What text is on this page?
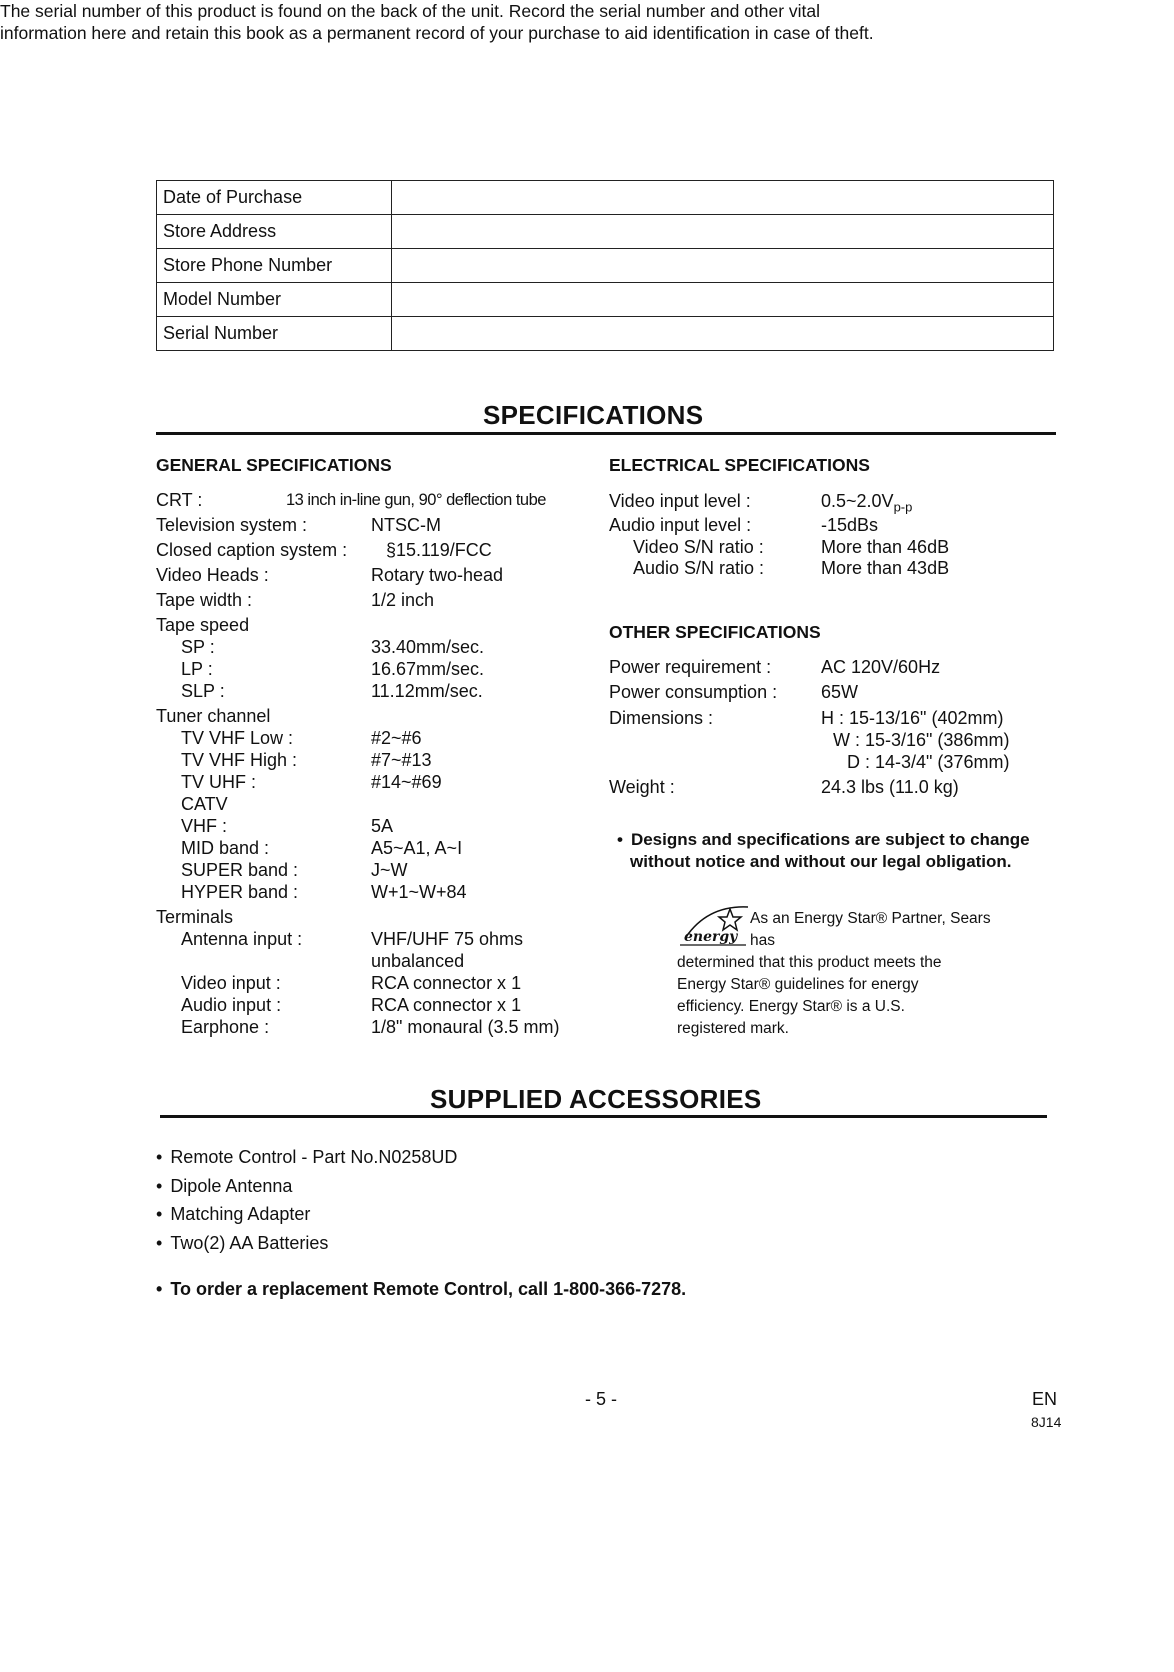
The serial number of this product is found on the back of the unit. Record the serial number and other vital information here and retain this book as a permanent record of your purchase to aid identification in case of theft.
Date of Purchase	
Store Address	
Store Phone Number	
Model Number	
Serial Number	
SPECIFICATIONS
GENERAL SPECIFICATIONS
CRT :	13 inch in-line gun, 90° deflection tube
Television system :	NTSC-M
Closed caption system : §15.119/FCC
Video Heads :	Rotary two-head
Tape width :	1/2 inch
Tape speed
SP :	33.40mm/sec.
LP :	16.67mm/sec.
SLP :	11.12mm/sec.
Tuner channel
TV VHF Low :	#2~#6
TV VHF High :	#7~#13
TV UHF :	#14~#69
CATV
VHF :	5A
MID band :	A5~A1, A~I
SUPER band :	J~W
HYPER band :	W+1~W+84
Terminals
Antenna input :	VHF/UHF 75 ohms
unbalanced
Video input :	RCA connector x 1
Audio input :	RCA connector x 1
Earphone :	1/8" monaural (3.5 mm)
ELECTRICAL SPECIFICATIONS
Video input level :	$0.5\sim 2.0V_{p-p}$
Audio input level :	-15dBs
Video S/N ratio :	More than 46dB
Audio S/N ratio :	More than 43dB
OTHER SPECIFICATIONS
Power requirement :	AC 120V/60Hz
Power consumption : 65W
Dimensions :	H : 15-13/16" (402mm)
W : 15-3/16" (386mm)
D : 14-3/4" (376mm)
Weight :	24.3 lbs (11.0 kg)
• Designs and specifications are subject to change without notice and without our legal obligation.
energy
As an Energy Star® Partner, Sears has
determined that this product meets the Energy Star® guidelines for energy efficiency. Energy Star® is a U.S. registered mark.
SUPPLIED ACCESSORIES
• Remote Control - Part No.N0258UD
• Dipole Antenna
• Matching Adapter
• Two(2) AA Batteries
• To order a replacement Remote Control, call 1-800-366-7278.
- 5 -	EN
8J14
